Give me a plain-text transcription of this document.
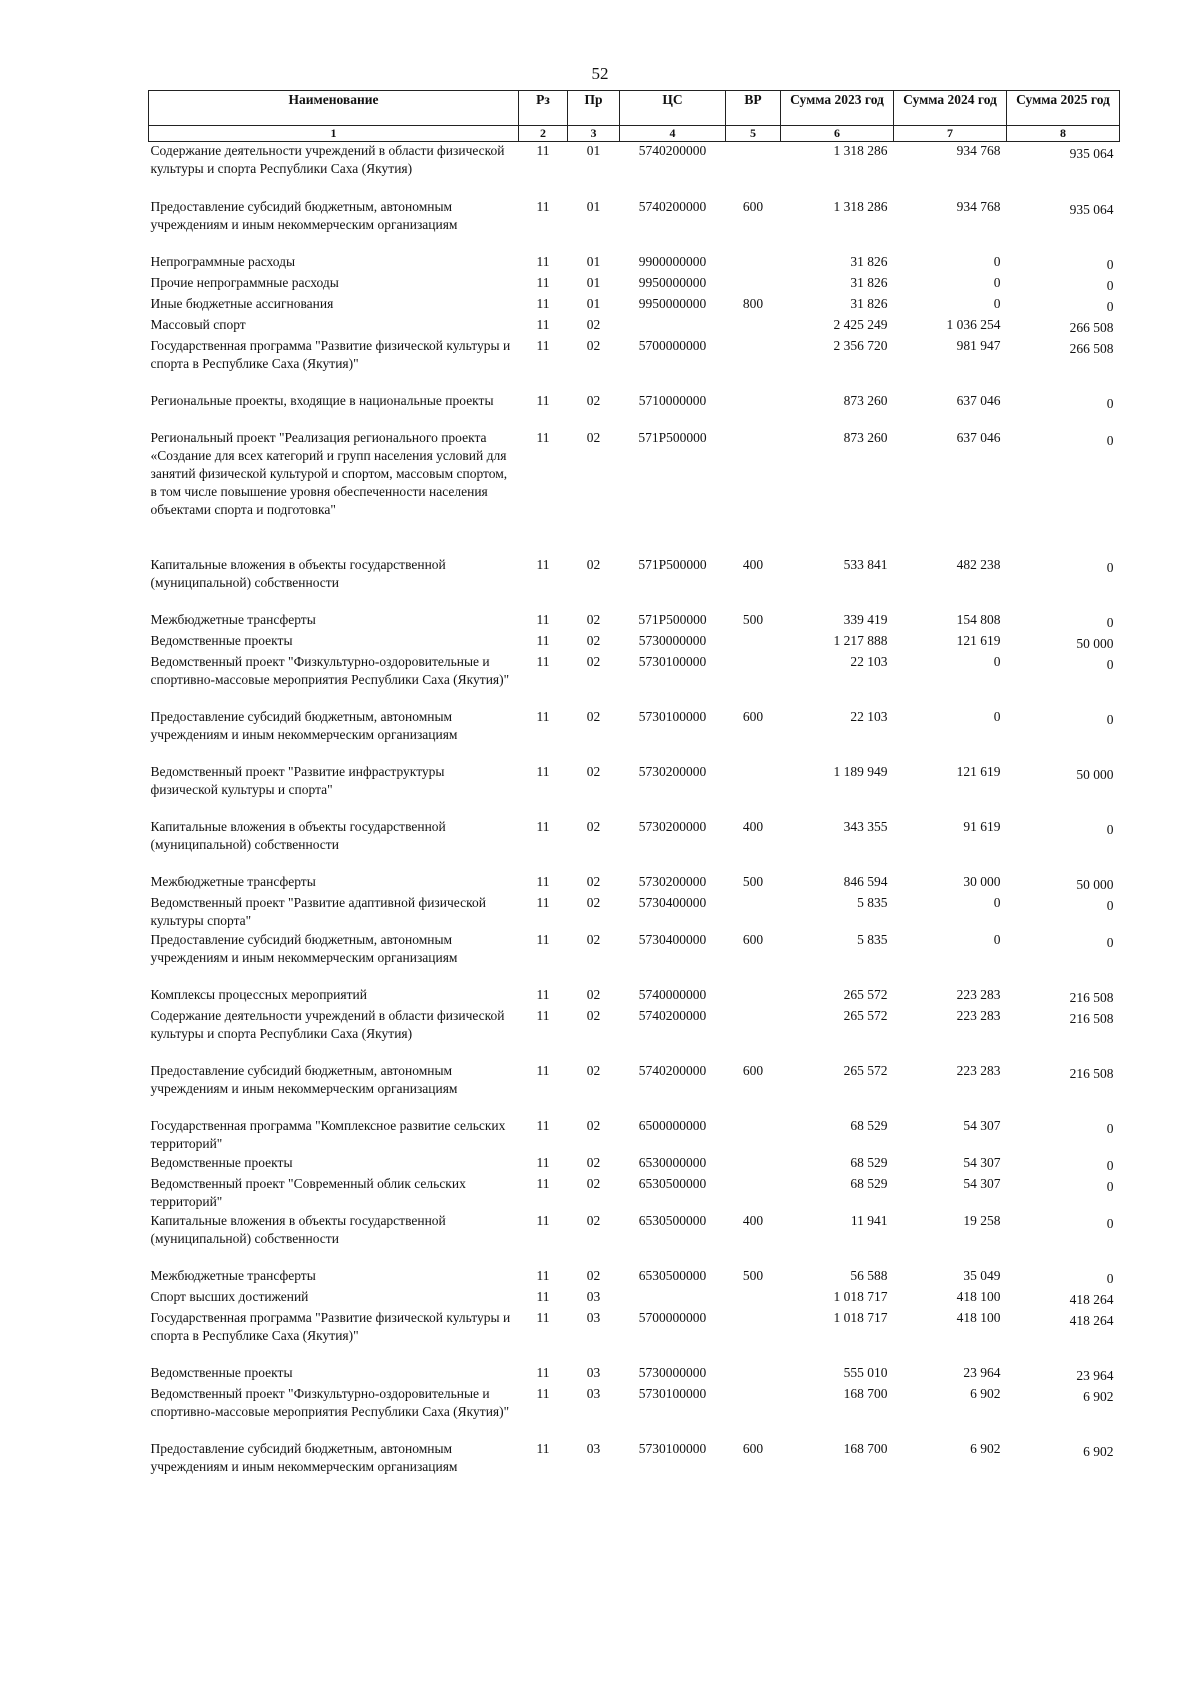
52
Наименование	Рз	Пр	ЦС	ВР	Сумма 2023 год	Сумма 2024 год	Сумма 2025 год
1	2	3	4	5	6	7	8
Содержание деятельности учреждений в области физической культуры и спорта Республики Саха (Якутия)	11	01	5740200000		1 318 286	934 768	935 064
Предоставление субсидий бюджетным, автономным учреждениям и иным некоммерческим организациям	11	01	5740200000	600	1 318 286	934 768	935 064
Непрограммные расходы	11	01	9900000000		31 826	0	0
Прочие непрограммные расходы	11	01	9950000000		31 826	0	0
Иные бюджетные ассигнования	11	01	9950000000	800	31 826	0	0
Массовый спорт	11	02			2 425 249	1 036 254	266 508
Государственная программа "Развитие физической культуры и спорта в Республике Саха (Якутия)"	11	02	5700000000		2 356 720	981 947	266 508
Региональные проекты, входящие в национальные проекты	11	02	5710000000		873 260	637 046	0
Региональный проект "Реализация регионального проекта «Создание для всех категорий и групп населения условий для занятий физической культурой и спортом, массовым спортом, в том числе повышение уровня обеспеченности населения объектами спорта и подготовка"	11	02	571P500000		873 260	637 046	0
Капитальные вложения в объекты государственной (муниципальной) собственности	11	02	571P500000	400	533 841	482 238	0
Межбюджетные трансферты	11	02	571P500000	500	339 419	154 808	0
Ведомственные проекты	11	02	5730000000		1 217 888	121 619	50 000
Ведомственный проект "Физкультурно-оздоровительные и спортивно-массовые мероприятия Республики Саха (Якутия)"	11	02	5730100000		22 103	0	0
Предоставление субсидий бюджетным, автономным учреждениям и иным некоммерческим организациям	11	02	5730100000	600	22 103	0	0
Ведомственный проект "Развитие инфраструктуры физической культуры и спорта"	11	02	5730200000		1 189 949	121 619	50 000
Капитальные вложения в объекты государственной (муниципальной) собственности	11	02	5730200000	400	343 355	91 619	0
Межбюджетные трансферты	11	02	5730200000	500	846 594	30 000	50 000
Ведомственный проект "Развитие адаптивной физической культуры спорта"	11	02	5730400000		5 835	0	0
Предоставление субсидий бюджетным, автономным учреждениям и иным некоммерческим организациям	11	02	5730400000	600	5 835	0	0
Комплексы процессных мероприятий	11	02	5740000000		265 572	223 283	216 508
Содержание деятельности учреждений в области физической культуры и спорта Республики Саха (Якутия)	11	02	5740200000		265 572	223 283	216 508
Предоставление субсидий бюджетным, автономным учреждениям и иным некоммерческим организациям	11	02	5740200000	600	265 572	223 283	216 508
Государственная программа "Комплексное развитие сельских территорий"	11	02	6500000000		68 529	54 307	0
Ведомственные проекты	11	02	6530000000		68 529	54 307	0
Ведомственный проект "Современный облик сельских территорий"	11	02	6530500000		68 529	54 307	0
Капитальные вложения в объекты государственной (муниципальной) собственности	11	02	6530500000	400	11 941	19 258	0
Межбюджетные трансферты	11	02	6530500000	500	56 588	35 049	0
Спорт высших достижений	11	03			1 018 717	418 100	418 264
Государственная программа "Развитие физической культуры и спорта в Республике Саха (Якутия)"	11	03	5700000000		1 018 717	418 100	418 264
Ведомственные проекты	11	03	5730000000		555 010	23 964	23 964
Ведомственный проект "Физкультурно-оздоровительные и спортивно-массовые мероприятия Республики Саха (Якутия)"	11	03	5730100000		168 700	6 902	6 902
Предоставление субсидий бюджетным, автономным учреждениям и иным некоммерческим организациям	11	03	5730100000	600	168 700	6 902	6 902
